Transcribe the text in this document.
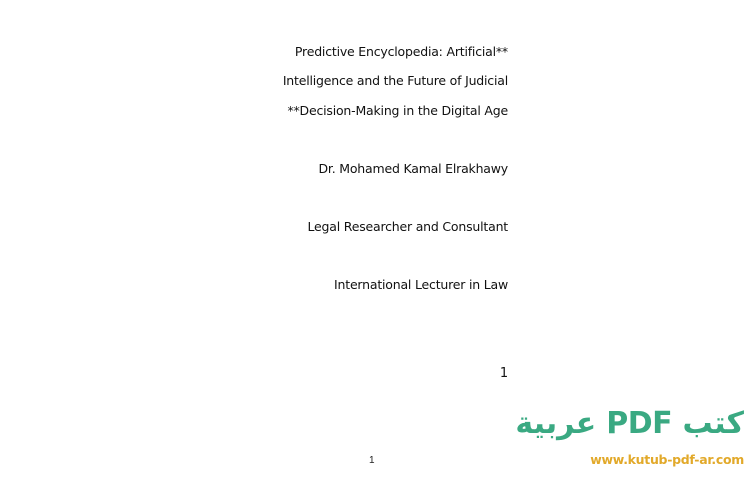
Predictive Encyclopedia: Artificial**
Intelligence and the Future of Judicial
**Decision-Making in the Digital Age
Dr. Mohamed Kamal Elrakhawy
Legal Researcher and Consultant
International Lecturer in Law
1
1
كتب PDF عربية
www.kutub-pdf-ar.com
